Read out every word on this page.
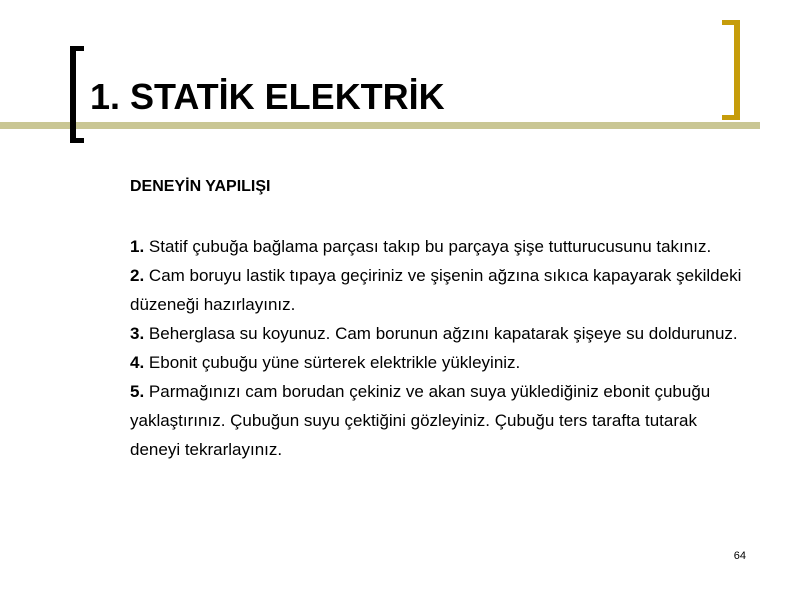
1. STATİK ELEKTRİK

DENEYİN YAPILIŞI

1. Statif çubuğa bağlama parçası takıp bu parçaya şişe tutturucusunu takınız.
2. Cam boruyu lastik tıpaya geçiriniz ve şişenin ağzına sıkıca kapayarak şekildeki düzeneği hazırlayınız.
3. Beherglasa su koyunuz. Cam borunun ağzını kapatarak şişeye su doldurunuz.
4. Ebonit çubuğu yüne sürterek elektrikle yükleyiniz.
5. Parmağınızı cam borudan çekiniz ve akan suya yüklediğiniz ebonit çubuğu yaklaştırınız. Çubuğun suyu çektiğini gözleyiniz. Çubuğu ters tarafta tutarak deneyi tekrarlayınız.
64
